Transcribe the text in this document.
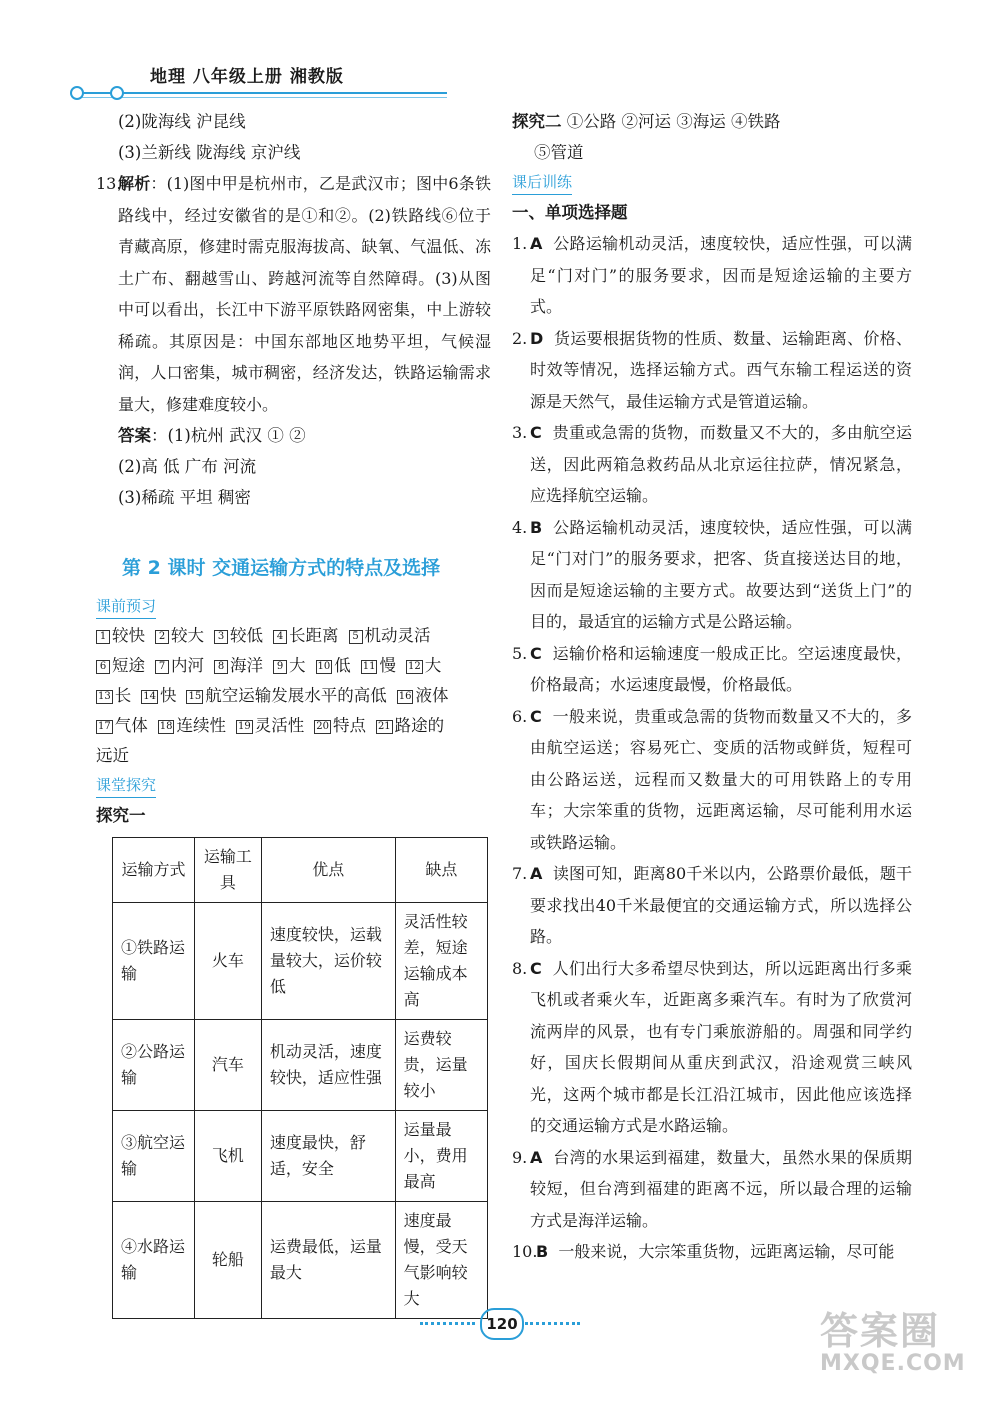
地理 八年级上册 湘教版
(2)陇海线 沪昆线
(3)兰新线 陇海线 京沪线
13.
解析：(1)图中甲是杭州市，乙是武汉市；图中6条铁路线中，经过安徽省的是①和②。(2)铁路线⑥位于青藏高原，修建时需克服海拔高、缺氧、气温低、冻土广布、翻越雪山、跨越河流等自然障碍。(3)从图中可以看出，长江中下游平原铁路网密集，中上游较稀疏。其原因是：中国东部地区地势平坦，气候湿润，人口密集，城市稠密，经济发达，铁路运输需求量大，修建难度较小。
答案：(1)杭州 武汉 ① ②
(2)高 低 广布 河流
(3)稀疏 平坦 稠密
第 2 课时 交通运输方式的特点及选择
课前预习
1 较快 2 较大 3 较低 4 长距离 5 机动灵活
6 短途 7 内河 8 海洋 9 大 10 低 11 慢 12 大
13 长 14 快 15 航空运输发展水平的高低 16 液体
17 气体 18 连续性 19 灵活性 20 特点 21 路途的
远近
课堂探究
探究一
运输方式	运输工具	优点	缺点
①铁路运输	火车	速度较快，运载量较大，运价较低	灵活性较差，短途运输成本高
②公路运输	汽车	机动灵活，速度较快，适应性强	运费较贵，运量较小
③航空运输	飞机	速度最快，舒适，安全	运量最小，费用最高
④水路运输	轮船	运费最低，运量最大	速度最慢，受天气影响较大
探究二 ①公路 ②河运 ③海运 ④铁路
⑤管道
课后训练
一、单项选择题
1. A 公路运输机动灵活，速度较快，适应性强，可以满足“门对门”的服务要求，因而是短途运输的主要方式。
2. D 货运要根据货物的性质、数量、运输距离、价格、时效等情况，选择运输方式。西气东输工程运送的资源是天然气，最佳运输方式是管道运输。
3. C 贵重或急需的货物，而数量又不大的，多由航空运送，因此两箱急救药品从北京运往拉萨，情况紧急，应选择航空运输。
4. B 公路运输机动灵活，速度较快，适应性强，可以满足“门对门”的服务要求，把客、货直接送达目的地，因而是短途运输的主要方式。故要达到“送货上门”的目的，最适宜的运输方式是公路运输。
5. C 运输价格和运输速度一般成正比。空运速度最快，价格最高；水运速度最慢，价格最低。
6. C 一般来说，贵重或急需的货物而数量又不大的，多由航空运送；容易死亡、变质的活物或鲜货，短程可由公路运送，远程而又数量大的可用铁路上的专用车；大宗笨重的货物，远距离运输，尽可能利用水运或铁路运输。
7. A 读图可知，距离80千米以内，公路票价最低，题干要求找出40千米最便宜的交通运输方式，所以选择公路。
8. C 人们出行大多希望尽快到达，所以远距离出行多乘飞机或者乘火车，近距离多乘汽车。有时为了欣赏河流两岸的风景，也有专门乘旅游船的。周强和同学约好，国庆长假期间从重庆到武汉，沿途观赏三峡风光，这两个城市都是长江沿江城市，因此他应该选择的交通运输方式是水路运输。
9. A 台湾的水果运到福建，数量大，虽然水果的保质期较短，但台湾到福建的距离不远，所以最合理的运输方式是海洋运输。
10.
B 一般来说，大宗笨重货物，远距离运输，尽可能
120	答案圈
MXQE.COM
